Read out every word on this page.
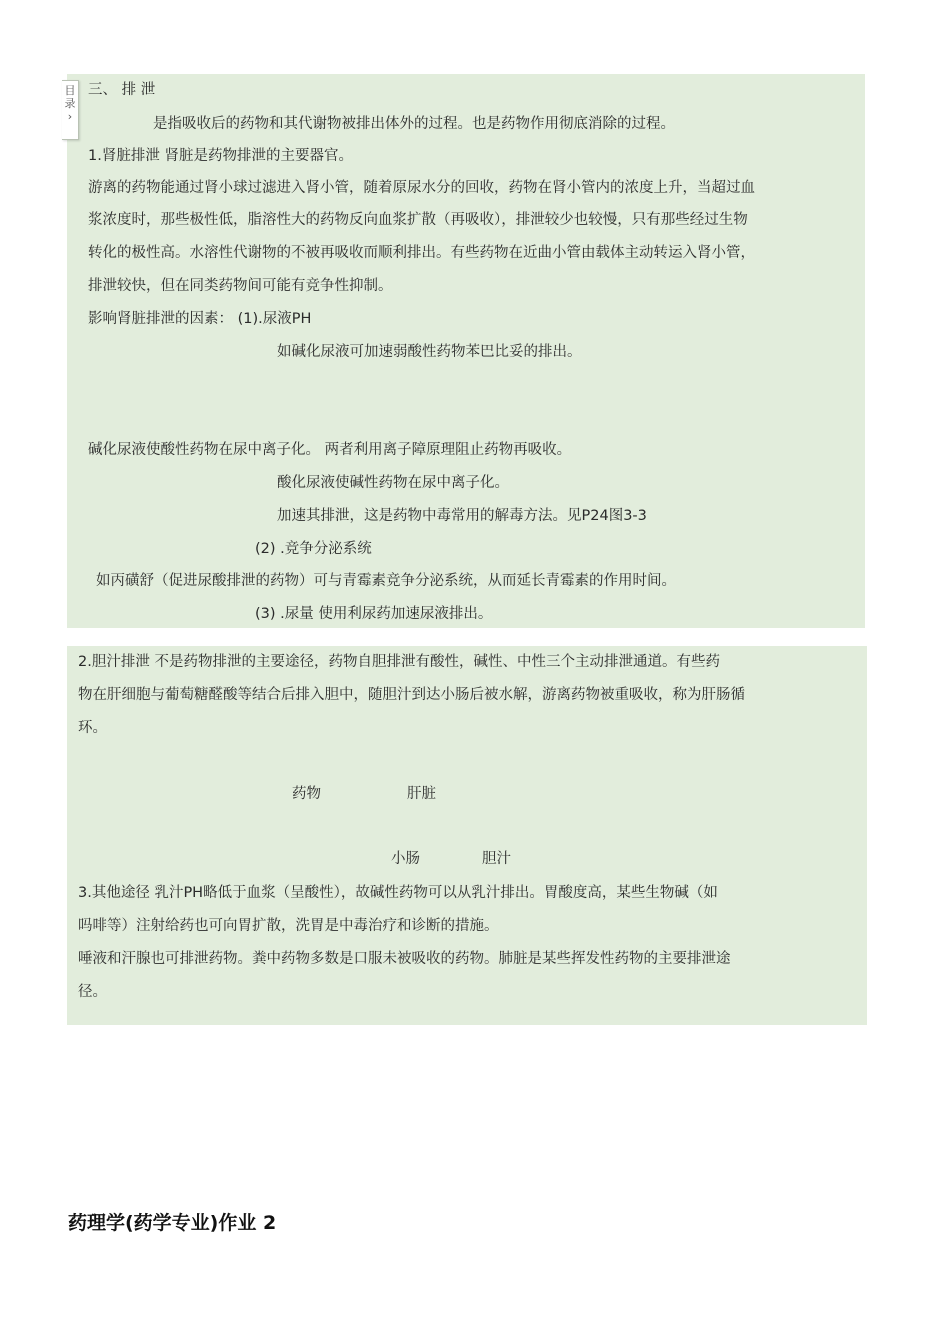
目
录
›
三、 排 泄
是指吸收后的药物和其代谢物被排出体外的过程。也是药物作用彻底消除的过程。
1.肾脏排泄 肾脏是药物排泄的主要器官。
游离的药物能通过肾小球过滤进入肾小管，随着原尿水分的回收，药物在肾小管内的浓度上升，当超过血
浆浓度时，那些极性低，脂溶性大的药物反向血浆扩散（再吸收），排泄较少也较慢，只有那些经过生物
转化的极性高。水溶性代谢物的不被再吸收而顺利排出。有些药物在近曲小管由载体主动转运入肾小管，
排泄较快，但在同类药物间可能有竞争性抑制。
影响肾脏排泄的因素： (1).尿液PH
如碱化尿液可加速弱酸性药物苯巴比妥的排出。
碱化尿液使酸性药物在尿中离子化。 两者利用离子障原理阻止药物再吸收。
酸化尿液使碱性药物在尿中离子化。
加速其排泄，这是药物中毒常用的解毒方法。见P24图3-3
(2) .竞争分泌系统
如丙磺舒（促进尿酸排泄的药物）可与青霉素竞争分泌系统，从而延长青霉素的作用时间。
(3) .尿量 使用利尿药加速尿液排出。
2.胆汁排泄 不是药物排泄的主要途径，药物自胆排泄有酸性，碱性、中性三个主动排泄通道。有些药
物在肝细胞与葡萄糖醛酸等结合后排入胆中，随胆汁到达小肠后被水解，游离药物被重吸收，称为肝肠循
环。
药物	肝脏
小肠	胆汁
3.其他途径 乳汁PH略低于血浆（呈酸性），故碱性药物可以从乳汁排出。胃酸度高，某些生物碱（如
吗啡等）注射给药也可向胃扩散，洗胃是中毒治疗和诊断的措施。
唾液和汗腺也可排泄药物。粪中药物多数是口服未被吸收的药物。肺脏是某些挥发性药物的主要排泄途
径。
药理学(药学专业)作业 2
